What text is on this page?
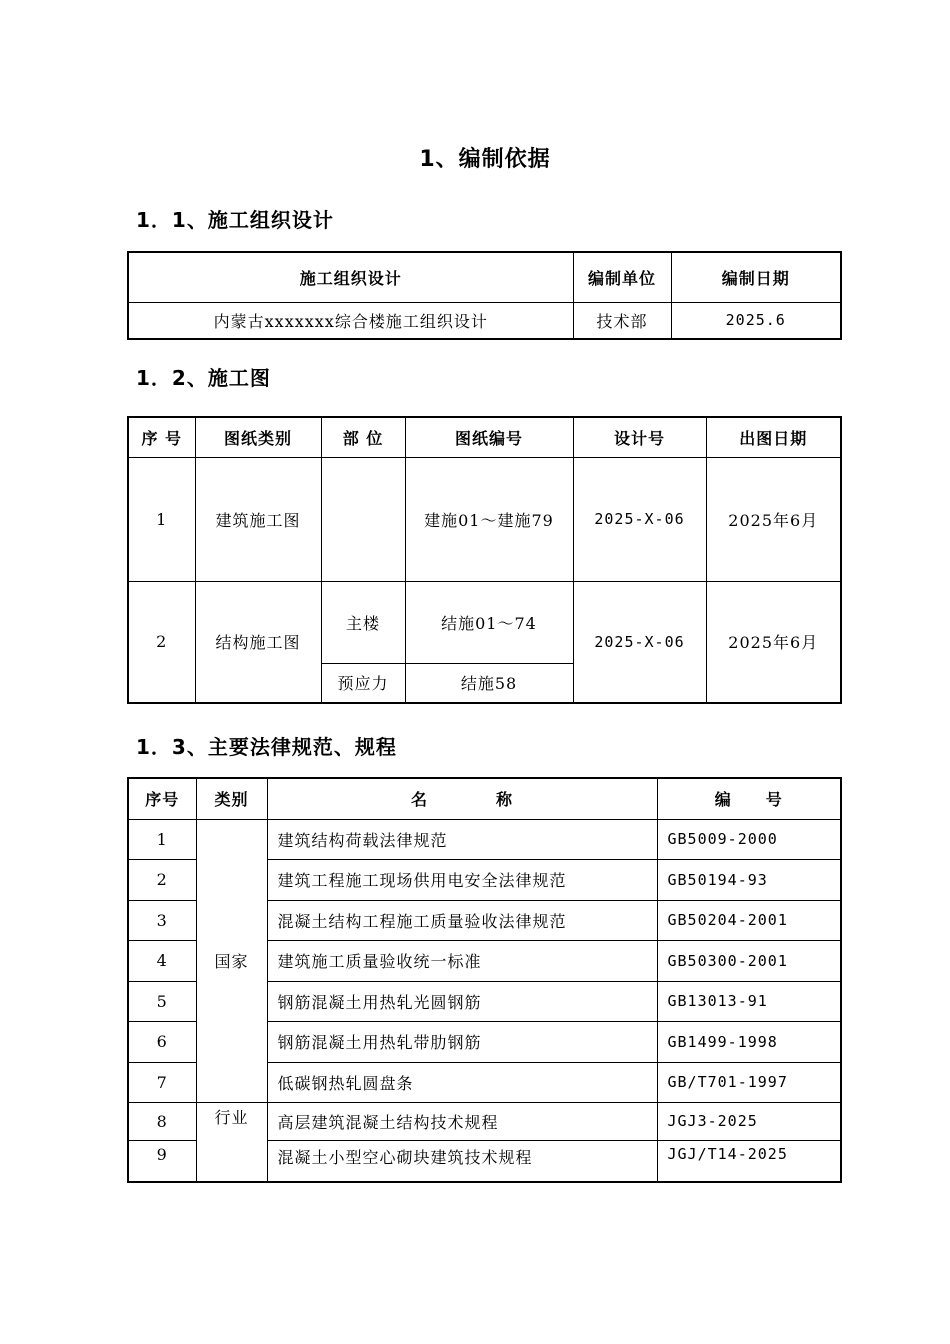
1、编制依据
1．1、施工组织设计
施工组织设计	编制单位	编制日期
内蒙古xxxxxxx综合楼施工组织设计	技术部	2025.6
1．2、施工图
序 号	图纸类别	部 位	图纸编号	设计号	出图日期
1	建筑施工图		建施01～建施79	2025-X-06	2025年6月
2	结构施工图	主楼	结施01～74	2025-X-06	2025年6月
		预应力	结施58		
1．3、主要法律规范、规程
序号	类别	名　　　　称	编　　号
1	国家	建筑结构荷载法律规范	GB5009-2000
2		建筑工程施工现场供用电安全法律规范	GB50194-93
3		混凝土结构工程施工质量验收法律规范	GB50204-2001
4		建筑施工质量验收统一标准	GB50300-2001
5		钢筋混凝土用热轧光圆钢筋	GB13013-91
6		钢筋混凝土用热轧带肋钢筋	GB1499-1998
7		低碳钢热轧圆盘条	GB/T701-1997
8	行业	高层建筑混凝土结构技术规程	JGJ3-2025
9		混凝土小型空心砌块建筑技术规程	JGJ/T14-2025
